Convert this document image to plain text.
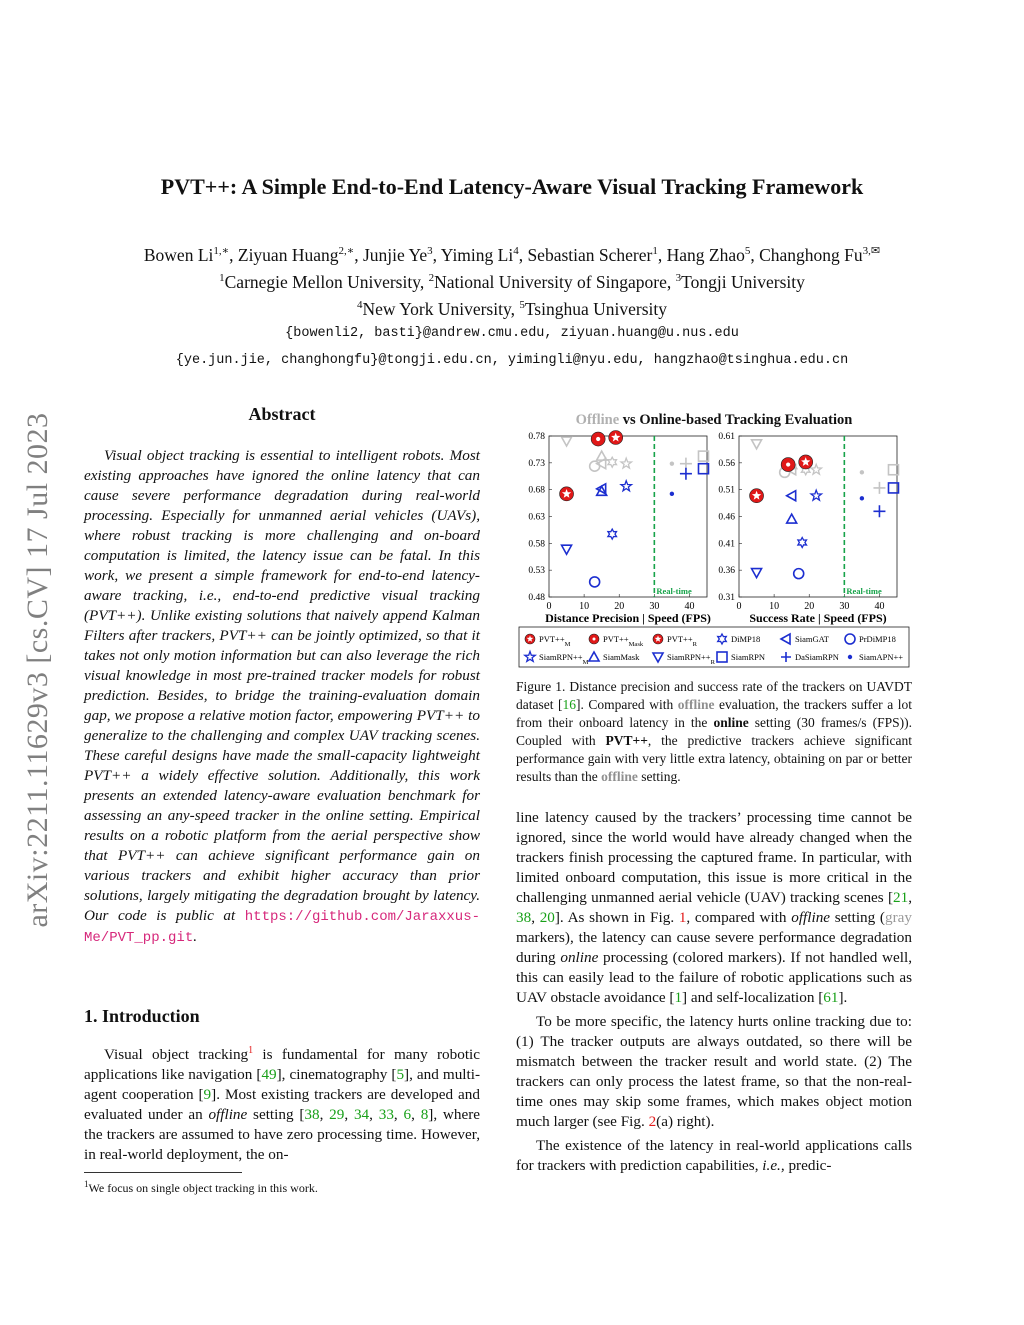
arXiv:2211.11629v3 [cs.CV] 17 Jul 2023
PVT++: A Simple End-to-End Latency-Aware Visual Tracking Framework
Bowen $Li^{1,∗}$, Ziyuan Huang$^{2,∗}$, Junjie Ye$^3$, Yiming Li$^4$, Sebastian Scherer$^1$, Hang Zhao$^5$, Changhong $Fu^{3,✉}$
$^1$Carnegie Mellon University, $^2$National University of Singapore, $^3$Tongji University
$^4$New York University, $^5$Tsinghua University
{bowenli2, basti}@andrew.cmu.edu, ziyuan.huang@u.nus.edu
{ye.jun.jie, changhongfu}@tongji.edu.cn, yimingli@nyu.edu, hangzhao@tsinghua.edu.cn
Abstract

Visual object tracking is essential to intelligent robots. Most existing approaches have ignored the online latency that can cause severe performance degradation during real-world processing. Especially for unmanned aerial vehicles (UAVs), where robust tracking is more challenging and on-board computation is limited, the latency issue can be fatal. In this work, we present a simple framework for end-to-end latency-aware tracking, i.e., end-to-end predictive visual tracking (PVT++). Unlike existing solutions that naively append Kalman Filters after trackers, PVT++ can be jointly optimized, so that it takes not only motion information but can also leverage the rich visual knowledge in most pre-trained tracker models for robust prediction. Besides, to bridge the training-evaluation domain gap, we propose a relative motion factor, empowering PVT++ to generalize to the challenging and complex UAV tracking scenes. These careful designs have made the small-capacity lightweight PVT++ a widely effective solution. Additionally, this work presents an extended latency-aware evaluation benchmark for assessing an any-speed tracker in the online setting. Empirical results on a robotic platform from the aerial perspective show that PVT++ can achieve significant performance gain on various trackers and exhibit higher accuracy than prior solutions, largely mitigating the degradation brought by latency. Our code is public at https://github.com/Jaraxxus-Me/PVT_pp.git.

1. Introduction

Visual object tracking$^1$ is fundamental for many robotic applications like navigation [49], cinematography [5], and multi-agent cooperation [9]. Most existing trackers are developed and evaluated under an offline setting [38, 29, 34, 33, 6, 8], where the trackers are assumed to have zero processing time. However, in real-world deployment, the on-

$^1$We focus on single object tracking in this work.
Offline vs Online-based Tracking Evaluation
0.78
0.73
0.68
0.63
0.58
0.53
0.48
0	10	20	30	40
Distance Precision | Speed (FPS)
Real-time
0.61
0.56
0.51
0.46
0.41
0.36
0.31
0	10	20	30	40
Success Rate | Speed (FPS)
Real-time
$PVT++_M$
$PVT++_{Mask}$
$PVT++_R$
DiMP18	SiamGAT	PrDiMP18
$SiamRPN++_M$
SiamMask	$SiamRPN++_R$
SiamRPN	DaSiamRPN SiamAPN++
Figure 1. Distance precision and success rate of the trackers on UAVDT dataset [16]. Compared with offline evaluation, the trackers suffer a lot from their onboard latency in the online setting (30 frames/s (FPS)). Coupled with PVT++, the predictive trackers achieve significant performance gain with very little extra latency, obtaining on par or better results than the offline setting.

line latency caused by the trackers’ processing time cannot be ignored, since the world would have already changed when the trackers finish processing the captured frame. In particular, with limited onboard computation, this issue is more critical in the challenging unmanned aerial vehicle (UAV) tracking scenes [21, 38, 20]. As shown in Fig. 1, compared with offline setting (gray markers), the latency can cause severe performance degradation during online processing (colored markers). If not handled well, this can easily lead to the failure of robotic applications such as UAV obstacle avoidance [1] and self-localization [61].

To be more specific, the latency hurts online tracking due to: (1) The tracker outputs are always outdated, so there will be mismatch between the tracker result and world state. (2) The trackers can only process the latest frame, so that the non-real-time ones may skip some frames, which makes object motion much larger (see Fig. 2(a) right).

The existence of the latency in real-world applications calls for trackers with prediction capabilities, i.e., predic-
